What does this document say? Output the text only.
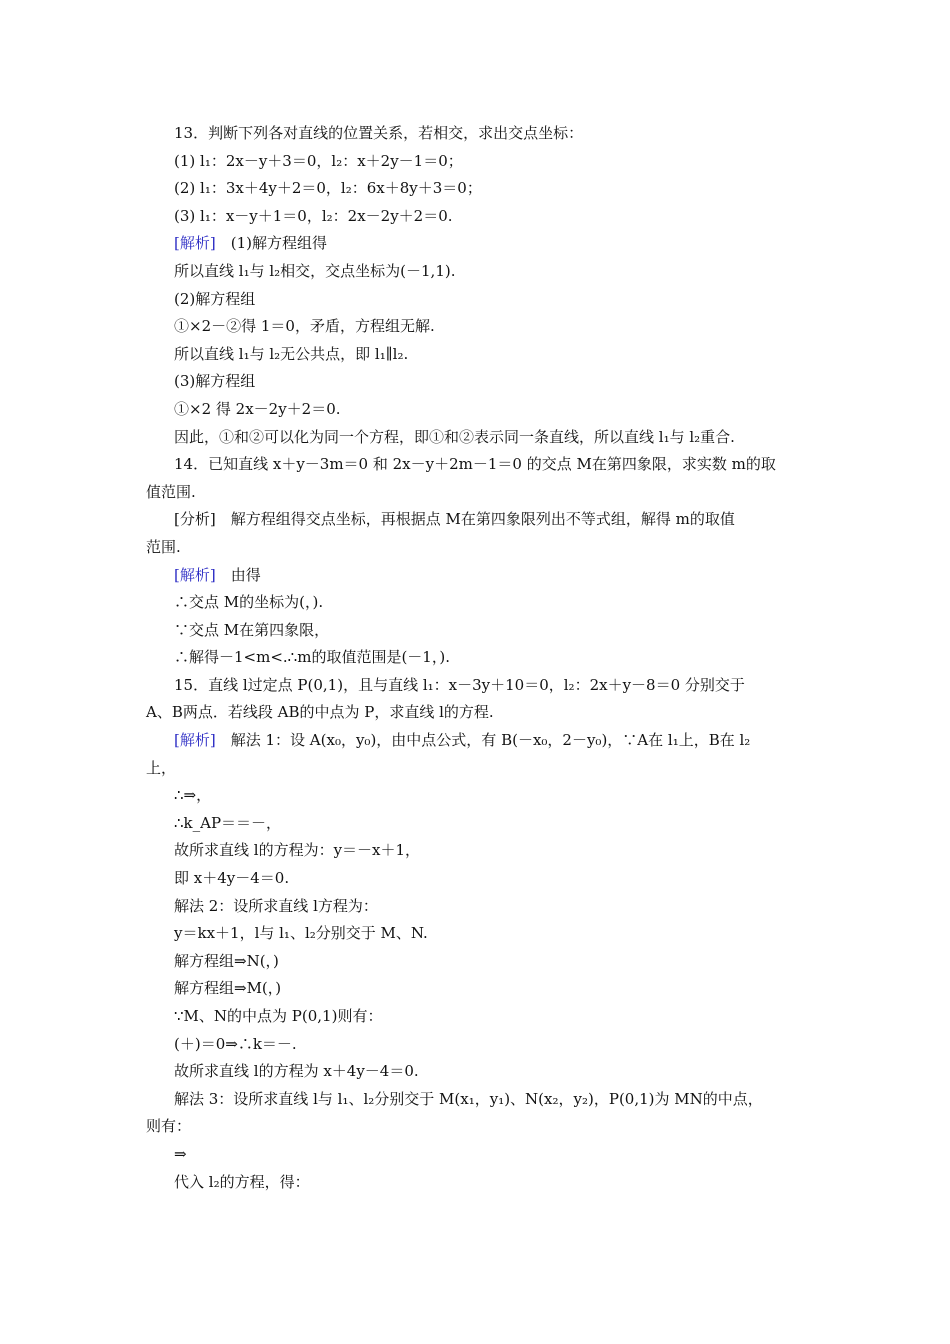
13．判断下列各对直线的位置关系，若相交，求出交点坐标：
(1) l₁：2x－y＋3＝0，l₂：x＋2y－1＝0；
(2) l₁：3x＋4y＋2＝0，l₂：6x＋8y＋3＝0；
(3) l₁：x－y＋1＝0，l₂：2x－2y＋2＝0.
[解析]　(1)解方程组得
所以直线 l₁与 l₂相交，交点坐标为(－1,1).
(2)解方程组
①×2－②得 1＝0，矛盾，方程组无解.
所以直线 l₁与 l₂无公共点，即 l₁∥l₂.
(3)解方程组
①×2 得 2x－2y＋2＝0.
因此，①和②可以化为同一个方程，即①和②表示同一条直线，所以直线 l₁与 l₂重合.
14．已知直线 x＋y－3m＝0 和 2x－y＋2m－1＝0 的交点 M在第四象限，求实数 m的取
值范围.
[分析]　解方程组得交点坐标，再根据点 M在第四象限列出不等式组，解得 m的取值
范围.
[解析]　由得
∴交点 M的坐标为(，).
∵交点 M在第四象限，
∴解得－1<m<.∴m的取值范围是(－1，).
15．直线 l过定点 P(0,1)，且与直线 l₁：x－3y＋10＝0，l₂：2x＋y－8＝0 分别交于
A、B两点．若线段 AB的中点为 P，求直线 l的方程.
[解析]　解法 1：设 A(x₀，y₀)，由中点公式，有 B(－x₀，2－y₀)，∵A在 l₁上，B在 l₂
上，
∴⇒，
∴k_AP＝＝－，
故所求直线 l的方程为：y＝－x＋1，
即 x＋4y－4＝0.
解法 2：设所求直线 l方程为：
y＝kx＋1，l与 l₁、l₂分别交于 M、N.
解方程组⇒N(，)
解方程组⇒M(，)
∵M、N的中点为 P(0,1)则有：
(＋)＝0⇒∴k＝－.
故所求直线 l的方程为 x＋4y－4＝0.
解法 3：设所求直线 l与 l₁、l₂分别交于 M(x₁，y₁)、N(x₂，y₂)，P(0,1)为 MN的中点，
则有：
⇒
代入 l₂的方程，得：
